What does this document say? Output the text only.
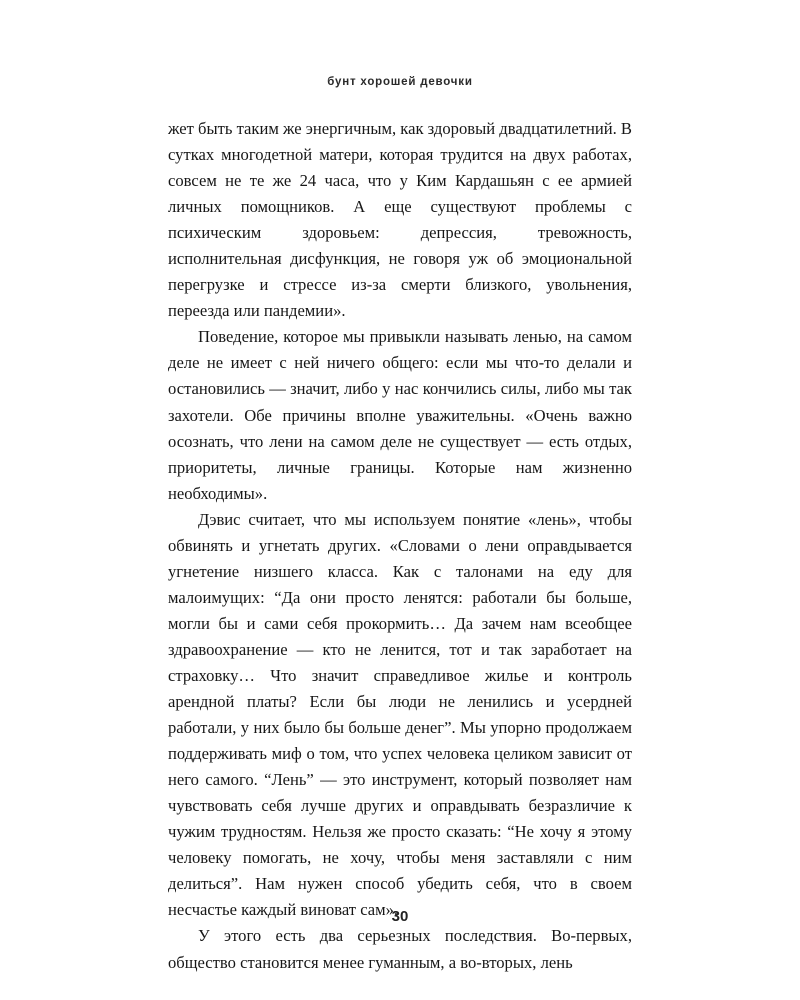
бунт хорошей девочки

жет быть таким же энергичным, как здоровый двадцатилетний. В сутках многодетной матери, которая трудится на двух работах, совсем не те же 24 часа, что у Ким Кардашьян с ее армией личных помощников. А еще существуют проблемы с психическим здоровьем: депрессия, тревожность, исполнительная дисфункция, не говоря уж об эмоциональной перегрузке и стрессе из-за смерти близкого, увольнения, переезда или пандемии».

Поведение, которое мы привыкли называть ленью, на самом деле не имеет с ней ничего общего: если мы что-то делали и остановились — значит, либо у нас кончились силы, либо мы так захотели. Обе причины вполне уважительны. «Очень важно осознать, что лени на самом деле не существует — есть отдых, приоритеты, личные границы. Которые нам жизненно необходимы».

Дэвис считает, что мы используем понятие «лень», чтобы обвинять и угнетать других. «Словами о лени оправдывается угнетение низшего класса. Как с талонами на еду для малоимущих: “Да они просто ленятся: работали бы больше, могли бы и сами себя прокормить… Да зачем нам всеобщее здравоохранение — кто не ленится, тот и так заработает на страховку… Что значит справедливое жилье и контроль арендной платы? Если бы люди не ленились и усердней работали, у них было бы больше денег”. Мы упорно продолжаем поддерживать миф о том, что успех человека целиком зависит от него самого. “Лень” — это инструмент, который позволяет нам чувствовать себя лучше других и оправдывать безразличие к чужим трудностям. Нельзя же просто сказать: “Не хочу я этому человеку помогать, не хочу, чтобы меня заставляли с ним делиться”. Нам нужен способ убедить себя, что в своем несчастье каждый виноват сам».

У этого есть два серьезных последствия. Во-первых, общество становится менее гуманным, а во-вторых, лень

30
